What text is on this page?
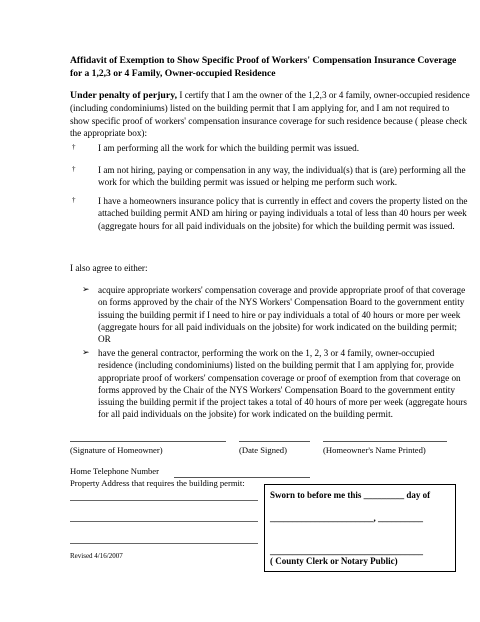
Affidavit of Exemption to Show Specific Proof of Workers' Compensation Insurance Coverage for a 1,2,3 or 4 Family, Owner-occupied Residence
Under penalty of perjury, I certify that I am the owner of the 1,2,3 or 4 family, owner-occupied residence (including condominiums) listed on the building permit that I am applying for, and I am not required to show specific proof of workers' compensation insurance coverage for such residence because ( please check the appropriate box):
† I am performing all the work for which the building permit was issued.
† I am not hiring, paying or compensation in any way, the individual(s) that is (are) performing all the work for which the building permit was issued or helping me perform such work.
† I have a homeowners insurance policy that is currently in effect and covers the property listed on the attached building permit AND am hiring or paying individuals a total of less than 40 hours per week (aggregate hours for all paid individuals on the jobsite) for which the building permit was issued.
I also agree to either:
➢ acquire appropriate workers' compensation coverage and provide appropriate proof of that coverage on forms approved by the chair of the NYS Workers' Compensation Board to the government entity issuing the building permit if I need to hire or pay individuals a total of 40 hours or more per week (aggregate hours for all paid individuals on the jobsite) for work indicated on the building permit; OR
➢ have the general contractor, performing the work on the 1, 2, 3 or 4 family, owner-occupied residence (including condominiums) listed on the building permit that I am applying for, provide appropriate proof of workers' compensation coverage or proof of exemption from that coverage on forms approved by the Chair of the NYS Workers' Compensation Board to the government entity issuing the building permit if the project takes a total of 40 hours of more per week (aggregate hours for all paid individuals on the jobsite) for work indicated on the building permit.
(Signature of Homeowner)	(Date Signed)	(Homeowner's Name Printed)
Home Telephone Number
Property Address that requires the building permit:
Sworn to before me this _________ day of
_______________________, __________
__________________________________
( County Clerk or Notary Public)
Revised 4/16/2007
